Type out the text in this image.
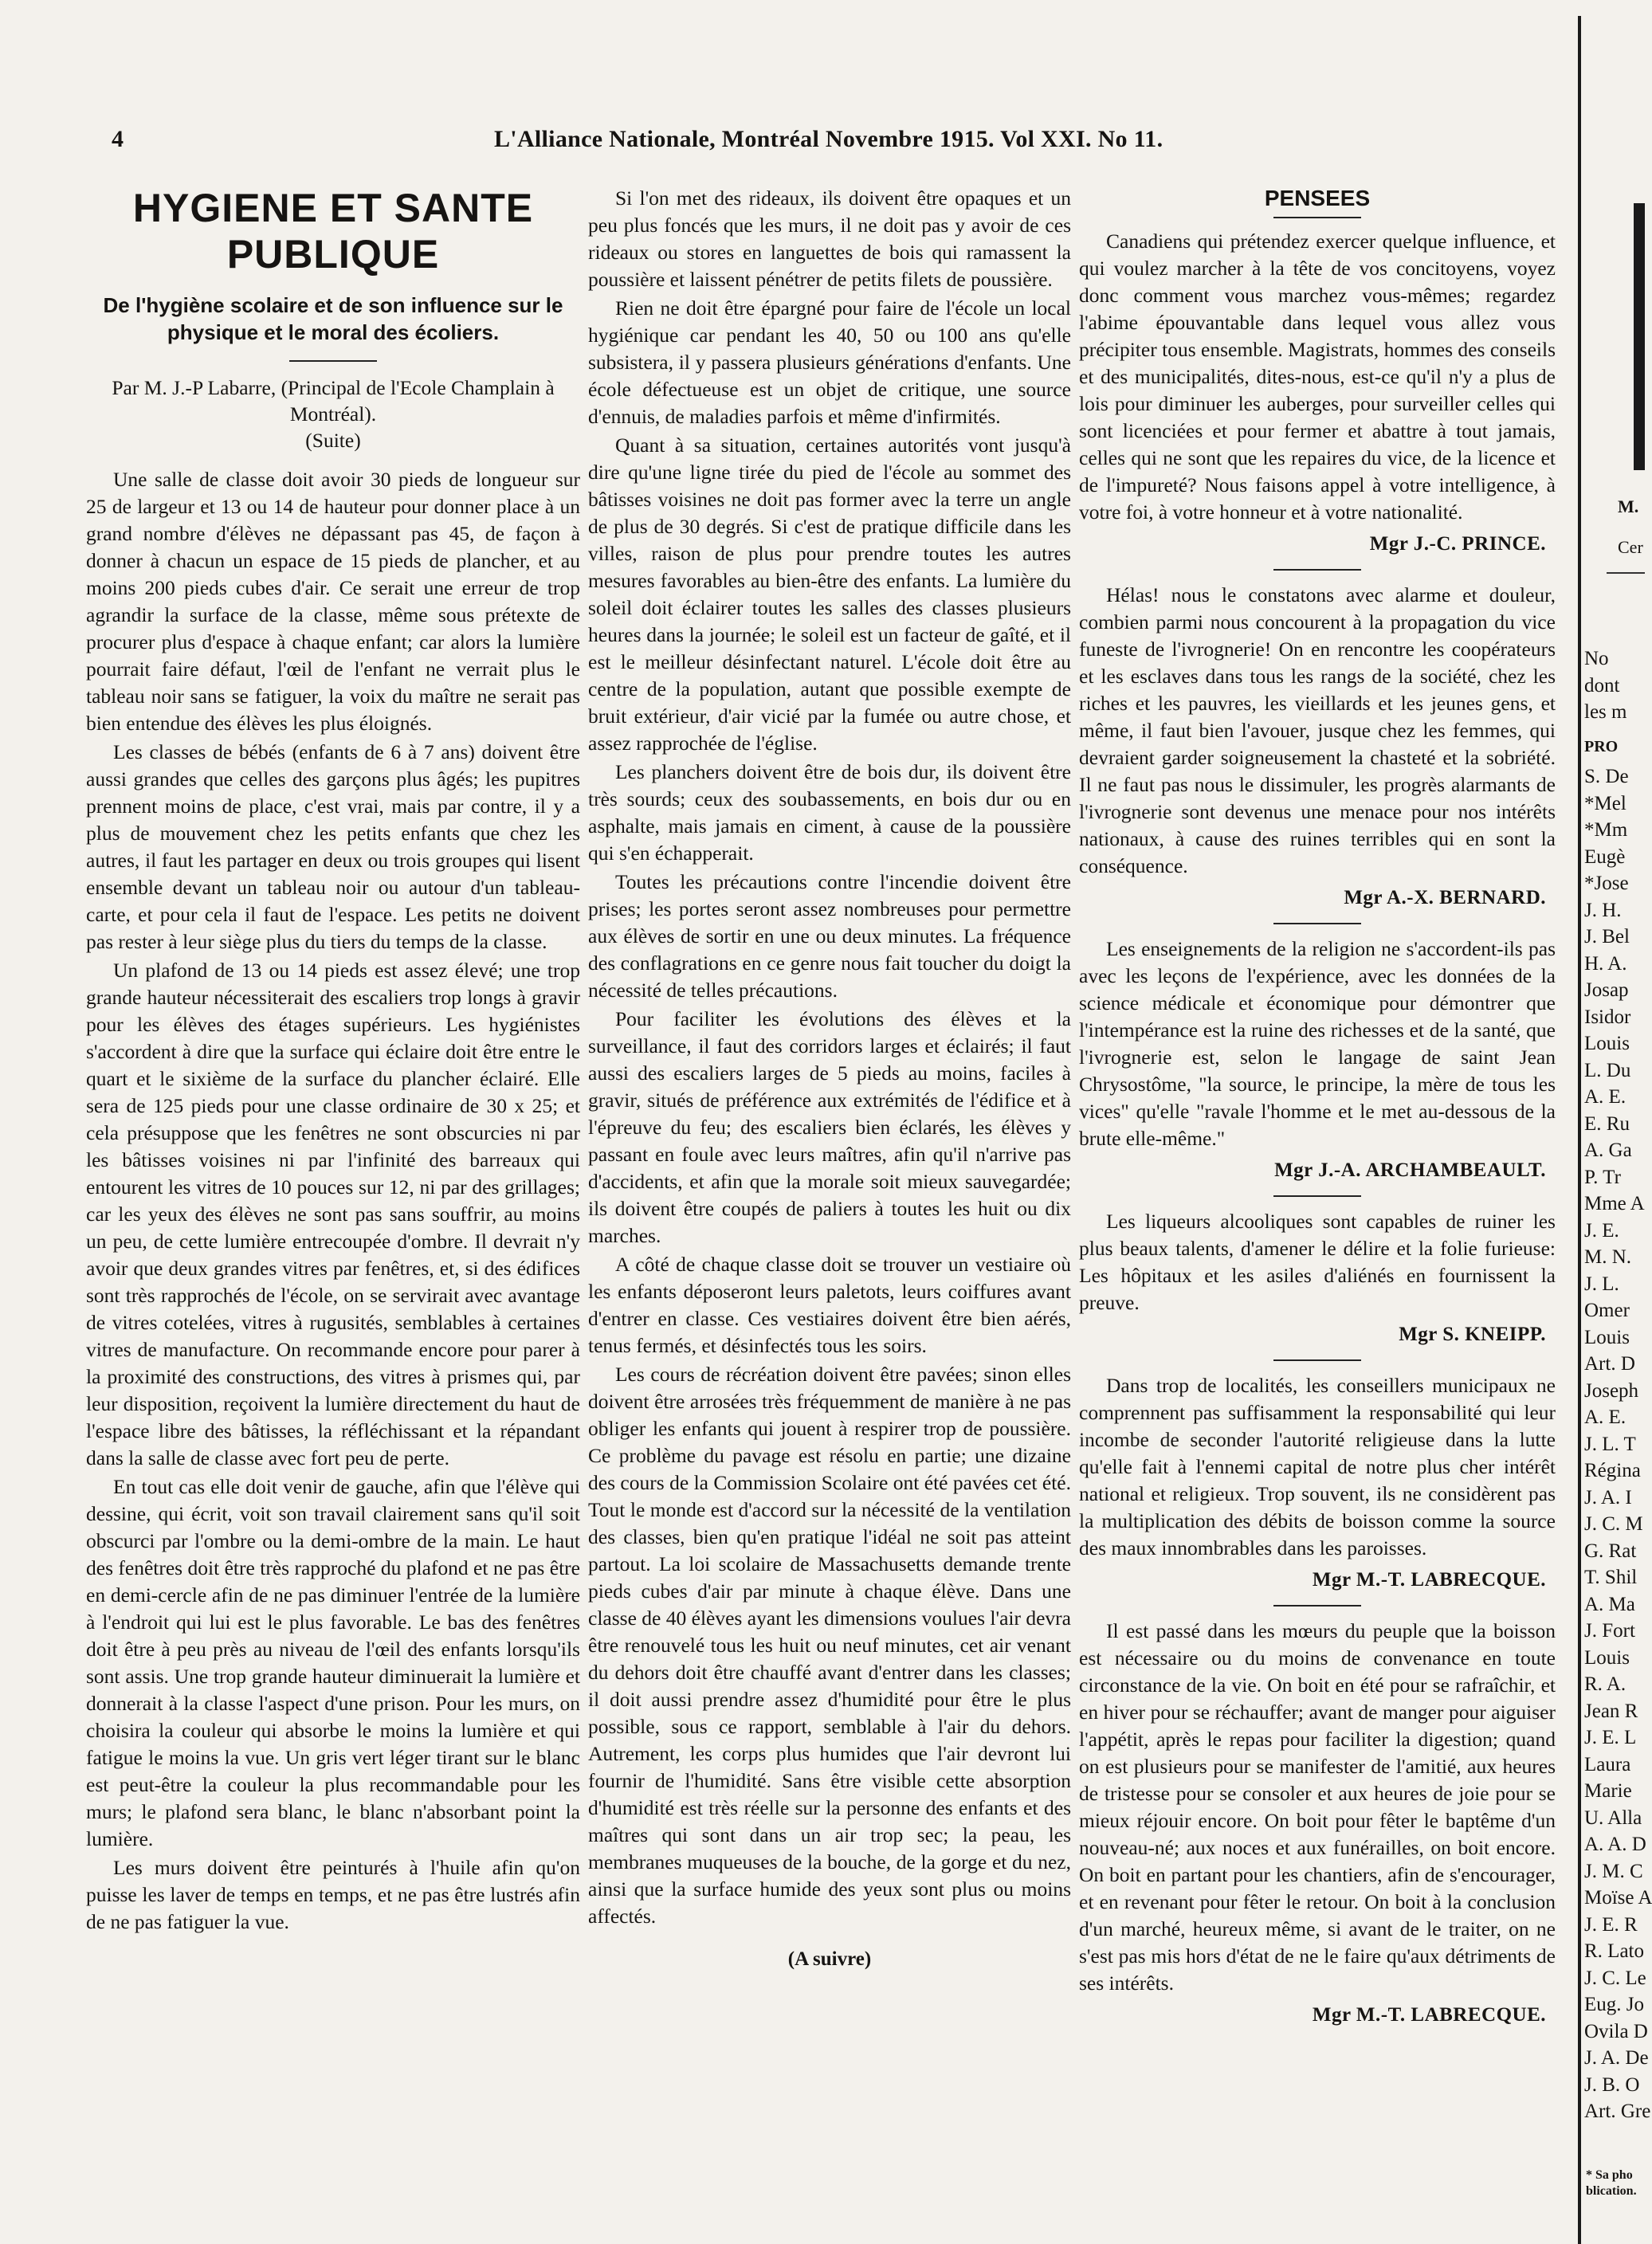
4	L'Alliance Nationale, Montréal Novembre 1915. Vol XXI. No 11.
HYGIENE ET SANTE PUBLIQUE
De l'hygiène scolaire et de son influence sur le physique et le moral des écoliers.
Par M. J.-P Labarre, (Principal de l'Ecole Champlain à Montréal).
(Suite)

Une salle de classe doit avoir 30 pieds de longueur sur 25 de largeur et 13 ou 14 de hauteur pour donner place à un grand nombre d'élèves ne dépassant pas 45, de façon à donner à chacun un espace de 15 pieds de plancher, et au moins 200 pieds cubes d'air. Ce serait une erreur de trop agrandir la surface de la classe, même sous prétexte de procurer plus d'espace à chaque enfant; car alors la lumière pourrait faire défaut, l'œil de l'enfant ne verrait plus le tableau noir sans se fatiguer, la voix du maître ne serait pas bien entendue des élèves les plus éloignés.

Les classes de bébés (enfants de 6 à 7 ans) doivent être aussi grandes que celles des garçons plus âgés; les pupitres prennent moins de place, c'est vrai, mais par contre, il y a plus de mouvement chez les petits enfants que chez les autres, il faut les partager en deux ou trois groupes qui lisent ensemble devant un tableau noir ou autour d'un tableau-carte, et pour cela il faut de l'espace. Les petits ne doivent pas rester à leur siège plus du tiers du temps de la classe.

Un plafond de 13 ou 14 pieds est assez élevé; une trop grande hauteur nécessiterait des escaliers trop longs à gravir pour les élèves des étages supérieurs. Les hygiénistes s'accordent à dire que la surface qui éclaire doit être entre le quart et le sixième de la surface du plancher éclairé. Elle sera de 125 pieds pour une classe ordinaire de 30 x 25; et cela présuppose que les fenêtres ne sont obscurcies ni par les bâtisses voisines ni par l'infinité des barreaux qui entourent les vitres de 10 pouces sur 12, ni par des grillages; car les yeux des élèves ne sont pas sans souffrir, au moins un peu, de cette lumière entrecoupée d'ombre. Il devrait n'y avoir que deux grandes vitres par fenêtres, et, si des édifices sont très rapprochés de l'école, on se servirait avec avantage de vitres cotelées, vitres à rugusités, semblables à certaines vitres de manufacture. On recommande encore pour parer à la proximité des constructions, des vitres à prismes qui, par leur disposition, reçoivent la lumière directement du haut de l'espace libre des bâtisses, la réfléchissant et la répandant dans la salle de classe avec fort peu de perte.

En tout cas elle doit venir de gauche, afin que l'élève qui dessine, qui écrit, voit son travail clairement sans qu'il soit obscurci par l'ombre ou la demi-ombre de la main. Le haut des fenêtres doit être très rapproché du plafond et ne pas être en demi-cercle afin de ne pas diminuer l'entrée de la lumière à l'endroit qui lui est le plus favorable. Le bas des fenêtres doit être à peu près au niveau de l'œil des enfants lorsqu'ils sont assis. Une trop grande hauteur diminuerait la lumière et donnerait à la classe l'aspect d'une prison. Pour les murs, on choisira la couleur qui absorbe le moins la lumière et qui fatigue le moins la vue. Un gris vert léger tirant sur le blanc est peut-être la couleur la plus recommandable pour les murs; le plafond sera blanc, le blanc n'absorbant point la lumière.

Les murs doivent être peinturés à l'huile afin qu'on puisse les laver de temps en temps, et ne pas être lustrés afin de ne pas fatiguer la vue.

Si l'on met des rideaux, ils doivent être opaques et un peu plus foncés que les murs, il ne doit pas y avoir de ces rideaux ou stores en languettes de bois qui ramassent la poussière et laissent pénétrer de petits filets de poussière.

Rien ne doit être épargné pour faire de l'école un local hygiénique car pendant les 40, 50 ou 100 ans qu'elle subsistera, il y passera plusieurs générations d'enfants. Une école défectueuse est un objet de critique, une source d'ennuis, de maladies parfois et même d'infirmités.

Quant à sa situation, certaines autorités vont jusqu'à dire qu'une ligne tirée du pied de l'école au sommet des bâtisses voisines ne doit pas former avec la terre un angle de plus de 30 degrés. Si c'est de pratique difficile dans les villes, raison de plus pour prendre toutes les autres mesures favorables au bien-être des enfants. La lumière du soleil doit éclairer toutes les salles des classes plusieurs heures dans la journée; le soleil est un facteur de gaîté, et il est le meilleur désinfectant naturel. L'école doit être au centre de la population, autant que possible exempte de bruit extérieur, d'air vicié par la fumée ou autre chose, et assez rapprochée de l'église.

Les planchers doivent être de bois dur, ils doivent être très sourds; ceux des soubassements, en bois dur ou en asphalte, mais jamais en ciment, à cause de la poussière qui s'en échapperait.

Toutes les précautions contre l'incendie doivent être prises; les portes seront assez nombreuses pour permettre aux élèves de sortir en une ou deux minutes. La fréquence des conflagrations en ce genre nous fait toucher du doigt la nécessité de telles précautions.

Pour faciliter les évolutions des élèves et la surveillance, il faut des corridors larges et éclairés; il faut aussi des escaliers larges de 5 pieds au moins, faciles à gravir, situés de préférence aux extrémités de l'édifice et à l'épreuve du feu; des escaliers bien éclarés, les élèves y passant en foule avec leurs maîtres, afin qu'il n'arrive pas d'accidents, et afin que la morale soit mieux sauvegardée; ils doivent être coupés de paliers à toutes les huit ou dix marches.

A côté de chaque classe doit se trouver un vestiaire où les enfants déposeront leurs paletots, leurs coiffures avant d'entrer en classe. Ces vestiaires doivent être bien aérés, tenus fermés, et désinfectés tous les soirs.

Les cours de récréation doivent être pavées; sinon elles doivent être arrosées très fréquemment de manière à ne pas obliger les enfants qui jouent à respirer trop de poussière. Ce problème du pavage est résolu en partie; une dizaine des cours de la Commission Scolaire ont été pavées cet été. Tout le monde est d'accord sur la nécessité de la ventilation des classes, bien qu'en pratique l'idéal ne soit pas atteint partout. La loi scolaire de Massachusetts demande trente pieds cubes d'air par minute à chaque élève. Dans une classe de 40 élèves ayant les dimensions voulues l'air devra être renouvelé tous les huit ou neuf minutes, cet air venant du dehors doit être chauffé avant d'entrer dans les classes; il doit aussi prendre assez d'humidité pour être le plus possible, sous ce rapport, semblable à l'air du dehors. Autrement, les corps plus humides que l'air devront lui fournir de l'humidité. Sans être visible cette absorption d'humidité est très réelle sur la personne des enfants et des maîtres qui sont dans un air trop sec; la peau, les membranes muqueuses de la bouche, de la gorge et du nez, ainsi que la surface humide des yeux sont plus ou moins affectés.

(A suivre)
PENSEES

Canadiens qui prétendez exercer quelque influence, et qui voulez marcher à la tête de vos concitoyens, voyez donc comment vous marchez vous-mêmes; regardez l'abime épouvantable dans lequel vous allez vous précipiter tous ensemble. Magistrats, hommes des conseils et des municipalités, dites-nous, est-ce qu'il n'y a plus de lois pour diminuer les auberges, pour surveiller celles qui sont licenciées et pour fermer et abattre à tout jamais, celles qui ne sont que les repaires du vice, de la licence et de l'impureté? Nous faisons appel à votre intelligence, à votre foi, à votre honneur et à votre nationalité.

Mgr J.-C. PRINCE.

Hélas! nous le constatons avec alarme et douleur, combien parmi nous concourent à la propagation du vice funeste de l'ivrognerie! On en rencontre les coopérateurs et les esclaves dans tous les rangs de la société, chez les riches et les pauvres, les vieillards et les jeunes gens, et même, il faut bien l'avouer, jusque chez les femmes, qui devraient garder soigneusement la chasteté et la sobriété. Il ne faut pas nous le dissimuler, les progrès alarmants de l'ivrognerie sont devenus une menace pour nos intérêts nationaux, à cause des ruines terribles qui en sont la conséquence.

Mgr A.-X. BERNARD.

Les enseignements de la religion ne s'accordent-ils pas avec les leçons de l'expérience, avec les données de la science médicale et économique pour démontrer que l'intempérance est la ruine des richesses et de la santé, que l'ivrognerie est, selon le langage de saint Jean Chrysostôme, "la source, le principe, la mère de tous les vices" qu'elle "ravale l'homme et le met au-dessous de la brute elle-même."

Mgr J.-A. ARCHAMBEAULT.

Les liqueurs alcooliques sont capables de ruiner les plus beaux talents, d'amener le délire et la folie furieuse: Les hôpitaux et les asiles d'aliénés en fournissent la preuve.

Mgr S. KNEIPP.

Dans trop de localités, les conseillers municipaux ne comprennent pas suffisamment la responsabilité qui leur incombe de seconder l'autorité religieuse dans la lutte qu'elle fait à l'ennemi capital de notre plus cher intérêt national et religieux. Trop souvent, ils ne considèrent pas la multiplication des débits de boisson comme la source des maux innombrables dans les paroisses.

Mgr M.-T. LABRECQUE.

Il est passé dans les mœurs du peuple que la boisson est nécessaire ou du moins de convenance en toute circonstance de la vie. On boit en été pour se rafraîchir, et en hiver pour se réchauffer; avant de manger pour aiguiser l'appétit, après le repas pour faciliter la digestion; quand on est plusieurs pour se manifester de l'amitié, aux heures de tristesse pour se consoler et aux heures de joie pour se mieux réjouir encore. On boit pour fêter le baptême d'un nouveau-né; aux noces et aux funérailles, on boit encore. On boit en partant pour les chantiers, afin de s'encourager, et en revenant pour fêter le retour. On boit à la conclusion d'un marché, heureux même, si avant de le traiter, on ne s'est pas mis hors d'état de ne le faire qu'aux détriments de ses intérêts.

Mgr M.-T. LABRECQUE.
M.
Cer
No
dont
les m
PRO
S. De
*Mel
*Mm
Eugè
*Jose
J. H.
J. Bel
H. A.
Josap
Isidor
Louis
L. Du
A. E.
E. Ru
A. Ga
P. Tr
Mme A
J. E.
M. N.
J. L.
Omer
Louis
Art. D
Joseph
A. E.
J. L. T
Régina
J. A. I
J. C. M
G. Rat
T. Shil
A. Ma
J. Fort
Louis
R. A.
Jean R
J. E. L
Laura
Marie
U. Alla
A. A. D
J. M. C
Moïse A
J. E. R
R. Lato
J. C. Le
Eug. Jo
Ovila D
J. A. De
J. B. O
Art. Gre
* Sa pho blication.
